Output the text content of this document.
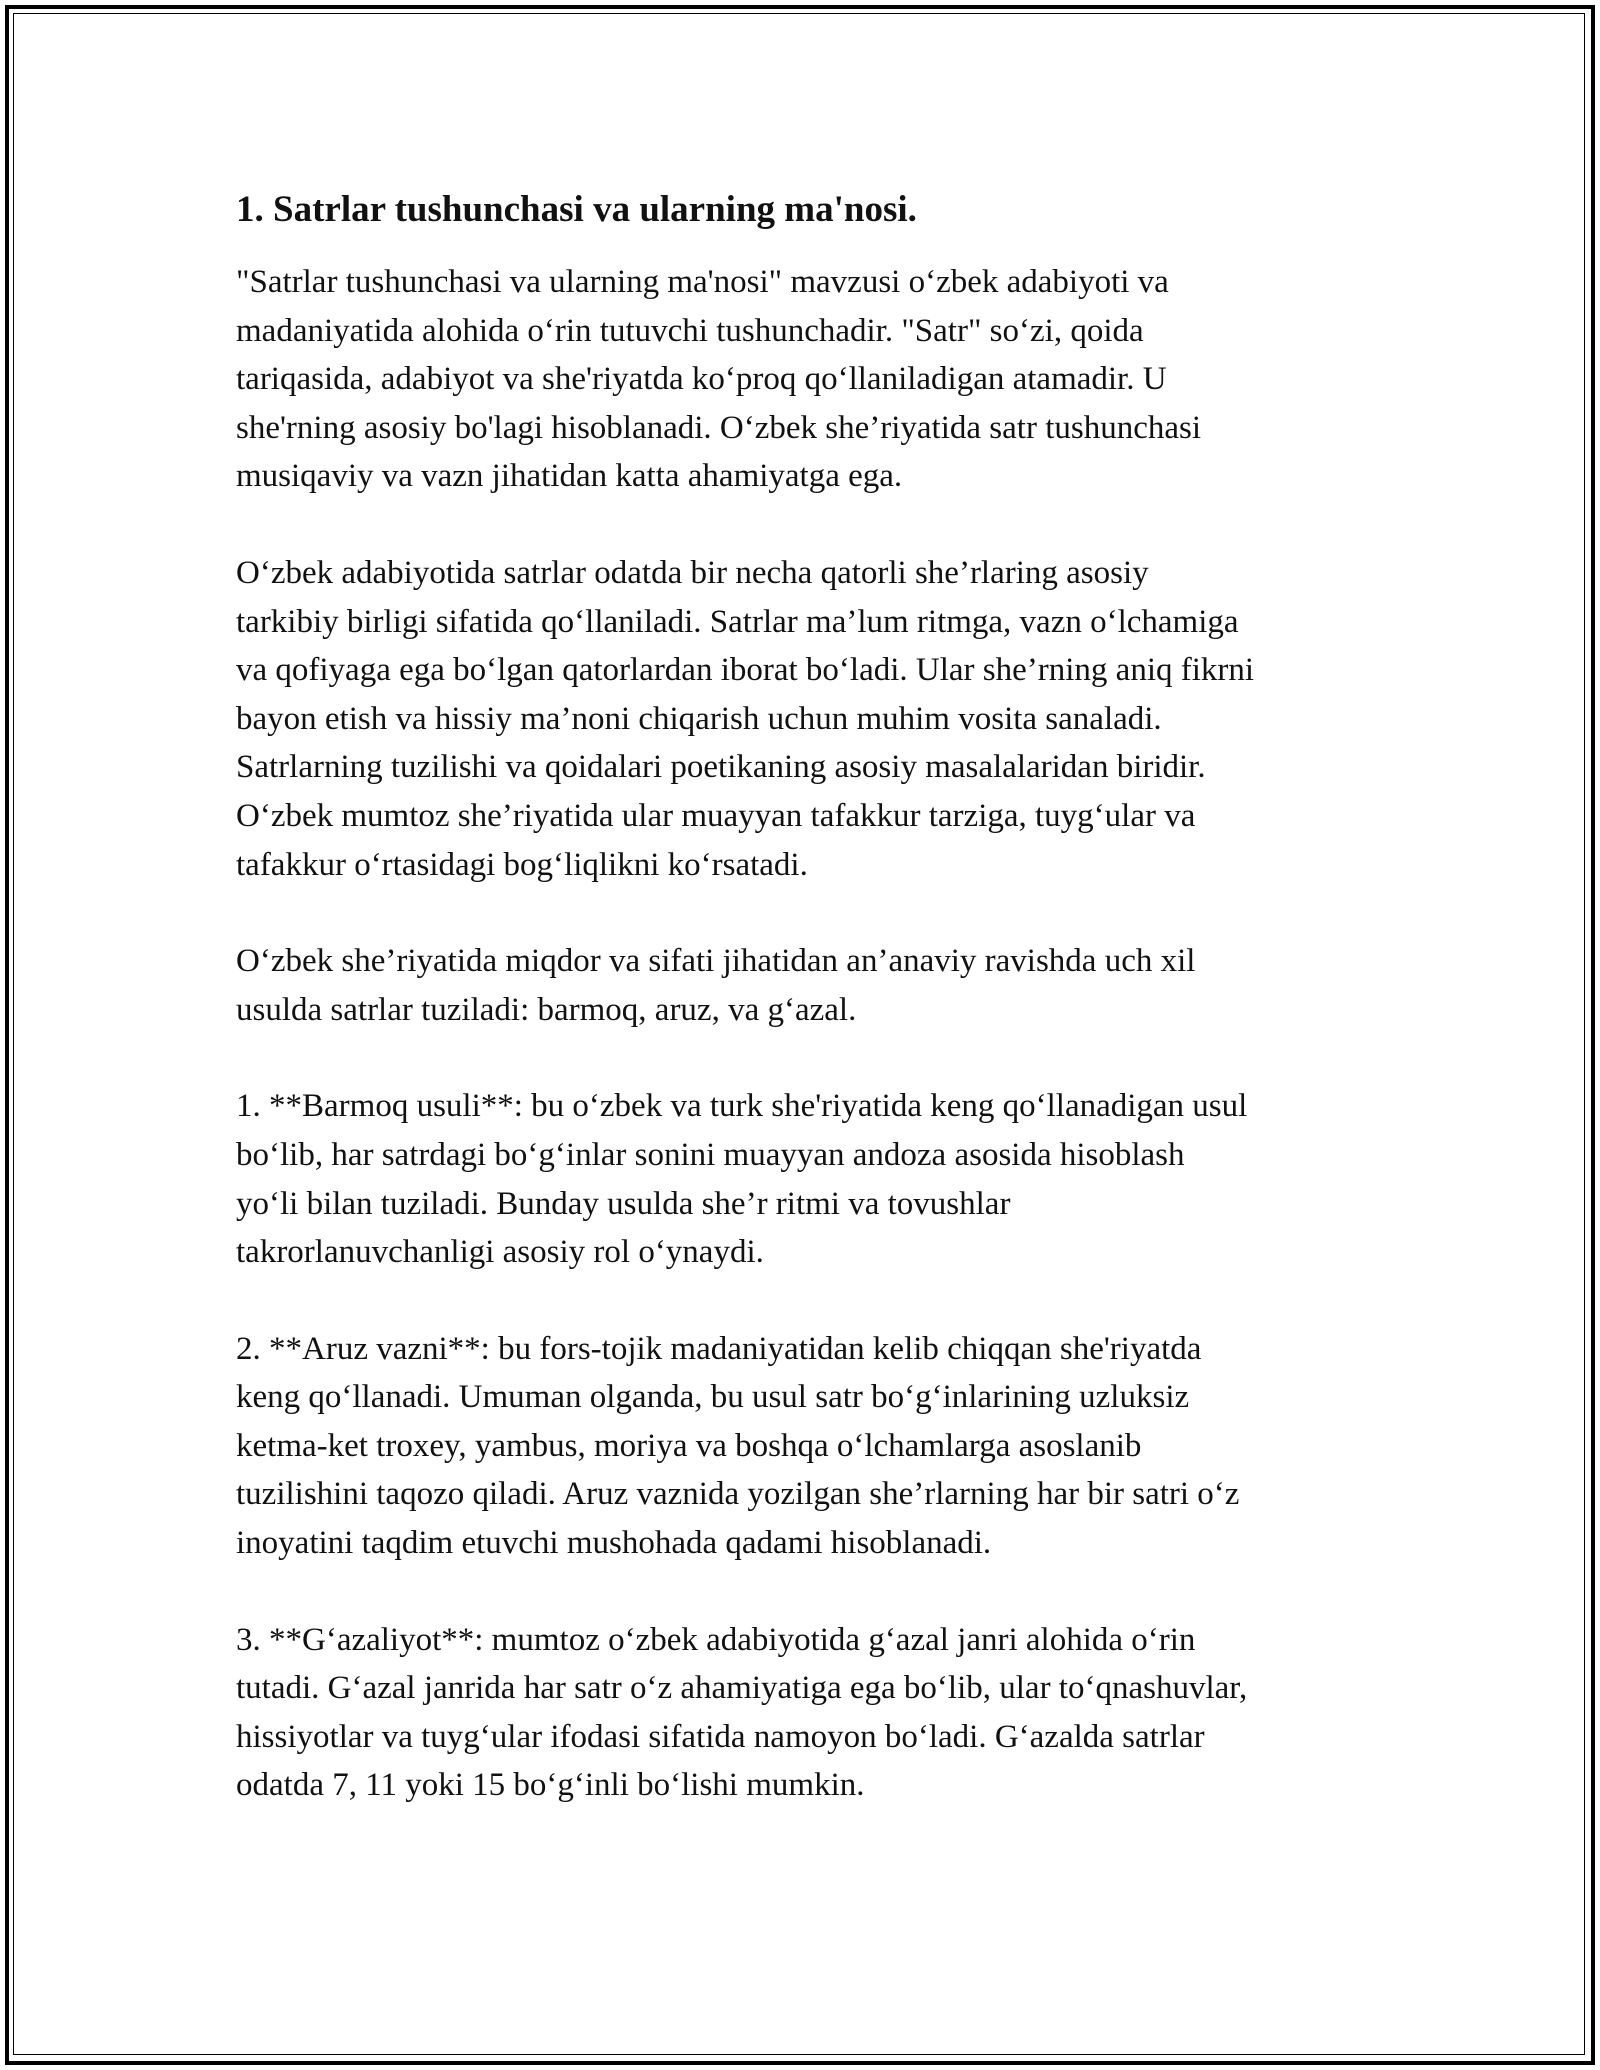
1. Satrlar tushunchasi va ularning ma'nosi.
"Satrlar tushunchasi va ularning ma'nosi" mavzusi o‘zbek adabiyoti va
madaniyatida alohida o‘rin tutuvchi tushunchadir. "Satr" so‘zi, qoida
tariqasida, adabiyot va she'riyatda ko‘proq qo‘llaniladigan atamadir. U
she'rning asosiy bo'lagi hisoblanadi. O‘zbek she’riyatida satr tushunchasi
musiqaviy va vazn jihatidan katta ahamiyatga ega.
O‘zbek adabiyotida satrlar odatda bir necha qatorli she’rlaring asosiy
tarkibiy birligi sifatida qo‘llaniladi. Satrlar ma’lum ritmga, vazn o‘lchamiga
va qofiyaga ega bo‘lgan qatorlardan iborat bo‘ladi. Ular she’rning aniq fikrni
bayon etish va hissiy ma’noni chiqarish uchun muhim vosita sanaladi.
Satrlarning tuzilishi va qoidalari poetikaning asosiy masalalaridan biridir.
O‘zbek mumtoz she’riyatida ular muayyan tafakkur tarziga, tuyg‘ular va
tafakkur o‘rtasidagi bog‘liqlikni ko‘rsatadi.
O‘zbek she’riyatida miqdor va sifati jihatidan an’anaviy ravishda uch xil
usulda satrlar tuziladi: barmoq, aruz, va g‘azal.
1. **Barmoq usuli**: bu o‘zbek va turk she'riyatida keng qo‘llanadigan usul
bo‘lib, har satrdagi bo‘g‘inlar sonini muayyan andoza asosida hisoblash
yo‘li bilan tuziladi. Bunday usulda she’r ritmi va tovushlar
takrorlanuvchanligi asosiy rol o‘ynaydi.
2. **Aruz vazni**: bu fors-tojik madaniyatidan kelib chiqqan she'riyatda
keng qo‘llanadi. Umuman olganda, bu usul satr bo‘g‘inlarining uzluksiz
ketma-ket troxey, yambus, moriya va boshqa o‘lchamlarga asoslanib
tuzilishini taqozo qiladi. Aruz vaznida yozilgan she’rlarning har bir satri o‘z
inoyatini taqdim etuvchi mushohada qadami hisoblanadi.
3. **G‘azaliyot**: mumtoz o‘zbek adabiyotida g‘azal janri alohida o‘rin
tutadi. G‘azal janrida har satr o‘z ahamiyatiga ega bo‘lib, ular to‘qnashuvlar,
hissiyotlar va tuyg‘ular ifodasi sifatida namoyon bo‘ladi. G‘azalda satrlar
odatda 7, 11 yoki 15 bo‘g‘inli bo‘lishi mumkin.
